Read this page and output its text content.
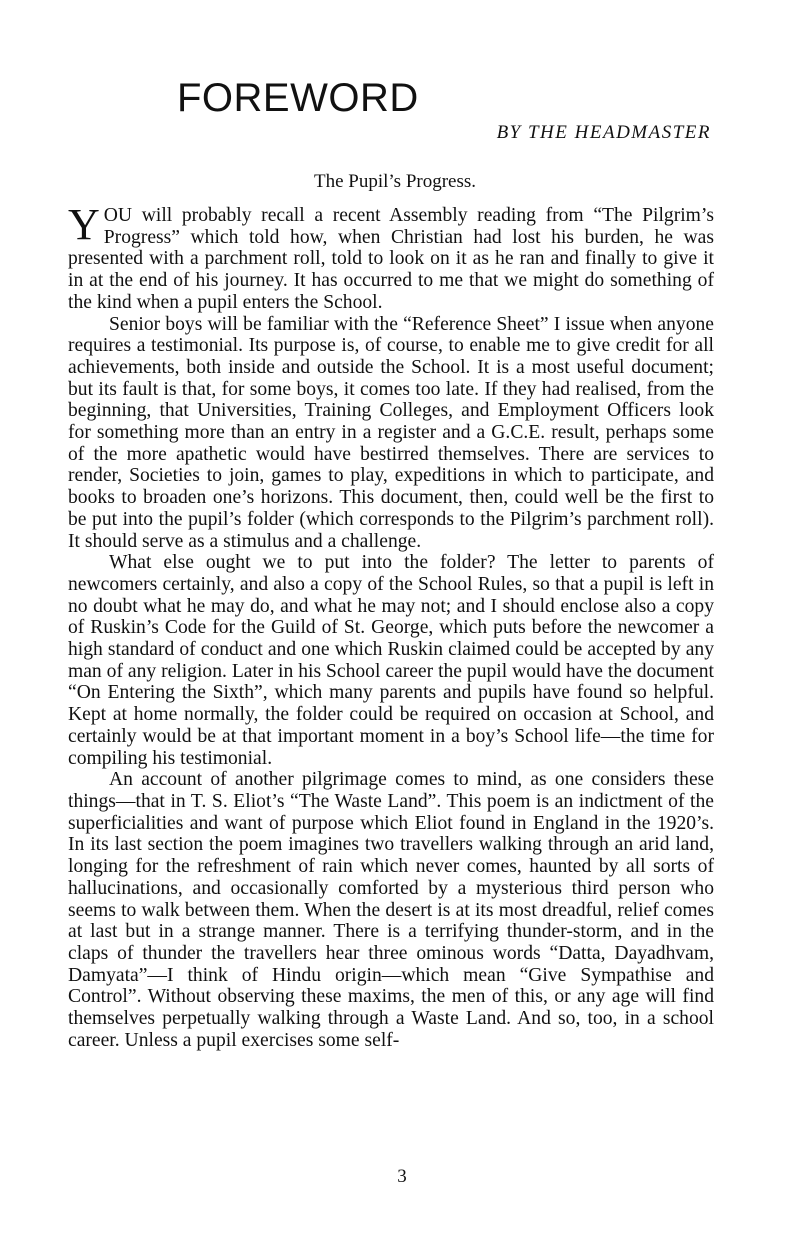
FOREWORD
BY THE HEADMASTER
The Pupil’s Progress.

YOU will probably recall a recent Assembly reading from “The Pilgrim’s Progress” which told how, when Christian had lost his burden, he was presented with a parchment roll, told to look on it as he ran and finally to give it in at the end of his journey. It has occurred to me that we might do something of the kind when a pupil enters the School.

Senior boys will be familiar with the “Reference Sheet” I issue when anyone requires a testimonial. Its purpose is, of course, to enable me to give credit for all achievements, both inside and outside the School. It is a most useful document; but its fault is that, for some boys, it comes too late. If they had realised, from the beginning, that Universities, Training Colleges, and Employment Officers look for something more than an entry in a register and a G.C.E. result, perhaps some of the more apathetic would have bestirred themselves. There are services to render, Societies to join, games to play, expeditions in which to participate, and books to broaden one’s horizons. This document, then, could well be the first to be put into the pupil’s folder (which corresponds to the Pilgrim’s parchment roll). It should serve as a stimulus and a challenge.

What else ought we to put into the folder? The letter to parents of newcomers certainly, and also a copy of the School Rules, so that a pupil is left in no doubt what he may do, and what he may not; and I should enclose also a copy of Ruskin’s Code for the Guild of St. George, which puts before the newcomer a high standard of conduct and one which Ruskin claimed could be accepted by any man of any religion. Later in his School career the pupil would have the document “On Entering the Sixth”, which many parents and pupils have found so helpful. Kept at home normally, the folder could be required on occasion at School, and certainly would be at that important moment in a boy’s School life—the time for compiling his testimonial.

An account of another pilgrimage comes to mind, as one considers these things—that in T. S. Eliot’s “The Waste Land”. This poem is an indictment of the superficialities and want of purpose which Eliot found in England in the 1920’s. In its last section the poem imagines two travellers walking through an arid land, longing for the refreshment of rain which never comes, haunted by all sorts of hallucinations, and occasionally comforted by a mysterious third person who seems to walk between them. When the desert is at its most dreadful, relief comes at last but in a strange manner. There is a terrifying thunder-storm, and in the claps of thunder the travellers hear three ominous words “Datta, Dayadhvam, Damyata”—I think of Hindu origin—which mean “Give Sympathise and Control”. Without observing these maxims, the men of this, or any age will find themselves perpetually walking through a Waste Land. And so, too, in a school career. Unless a pupil exercises some self-

3
